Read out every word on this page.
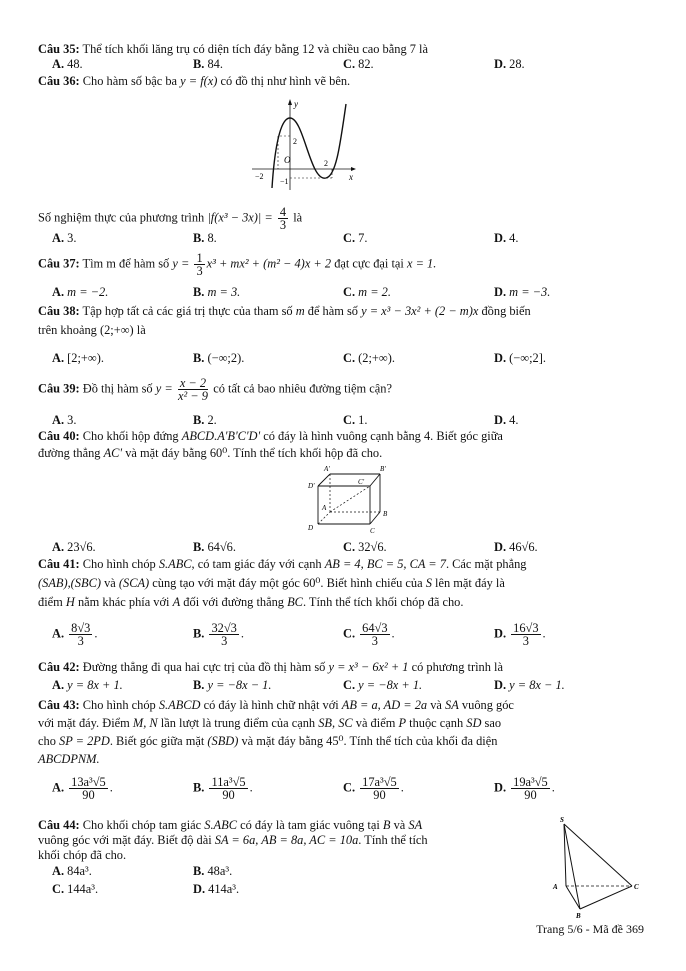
Câu 35: Thể tích khối lăng trụ có diện tích đáy bằng 12 và chiều cao bằng 7 là
A. 48.	B. 84.	C. 82.	D. 28.
Câu 36: Cho hàm số bậc ba y = f(x) có đồ thị như hình vẽ bên.
y
x
O
2
−2
−1
2
Số nghiệm thực của phương trình $|f(x^3 - 3x)| = \frac{4}{3}$ là
A. 3.	B. 8.	C. 7.	D. 4.
Câu 37: Tìm m để hàm số $y = \frac{1}{3} x^3 + mx^2 + (m^2 - 4)x + 2$ đạt cực đại tại x = 1.
A. m = −2.	B. m = 3.	C. m = 2.	D. m = −3.
Câu 38: Tập hợp tất cả các giá trị thực của tham số m để hàm số y = x³ − 3x² + (2 − m)x đồng biến
trên khoảng (2;+∞) là
A. [2;+∞).	B. (−∞;2).	C. (2;+∞).	D. (−∞;2].
Câu 39: Đồ thị hàm số $y = \frac{x - 2}{\text{x² − 9}}$ có tất cả bao nhiêu đường tiệm cận?
A. 3.	B. 2.	C. 1.	D. 4.
Câu 40: Cho khối hộp đứng ABCD.A'B'C'D' có đáy là hình vuông cạnh bằng 4. Biết góc giữa
đường thẳng AC' và mặt đáy bằng 60⁰. Tính thể tích khối hộp đã cho.
A'	B'
D'	C'
A
B
D	C
A. 23√6.	B. 64√6.	C. 32√6.	D. 46√6.
Câu 41: Cho hình chóp S.ABC, có tam giác đáy với cạnh AB = 4, BC = 5, CA = 7. Các mặt phẳng
(SAB),(SBC) và (SCA) cùng tạo với mặt đáy một góc 60⁰. Biết hình chiếu của S lên mặt đáy là
điểm H nằm khác phía với A đối với đường thẳng BC. Tính thể tích khối chóp đã cho.
A. $\frac{8√3}{3}$ .	B. $\frac{32√3}{3}$ .	C. $\frac{64√3}{3}$ .	D. $\frac{16√3}{3}$ .
Câu 42: Đường thẳng đi qua hai cực trị của đồ thị hàm số y = x³ − 6x² + 1 có phương trình là
A. y = 8x + 1.	B. y = −8x − 1.	C. y = −8x + 1.	D. y = 8x − 1.
Câu 43: Cho hình chóp S.ABCD có đáy là hình chữ nhật với AB = a, AD = 2a và SA vuông góc
với mặt đáy. Điểm M, N lần lượt là trung điểm của cạnh SB, SC và điểm P thuộc cạnh SD sao
cho SP = 2PD. Biết góc giữa mặt (SBD) và mặt đáy bằng 45⁰. Tính thể tích của khối đa diện
ABCDPNM.
A. $\frac{\text{13a³√5}}{90}$ .	B. $\frac{\text{11a³√5}}{90}$ .	C. $\frac{\text{17a³√5}}{90}$ .	D. $\frac{\text{19a³√5}}{90}$ .
Câu 44: Cho khối chóp tam giác S.ABC có đáy là tam giác vuông tại B và SA
vuông góc với mặt đáy. Biết độ dài SA = 6a, AB = 8a, AC = 10a. Tính thể tích
khối chóp đã cho.
A. 84a³.	B. 48a³.
C. 144a³.	D. 414a³.
S
A	C
B
Trang 5/6 - Mã đề 369
